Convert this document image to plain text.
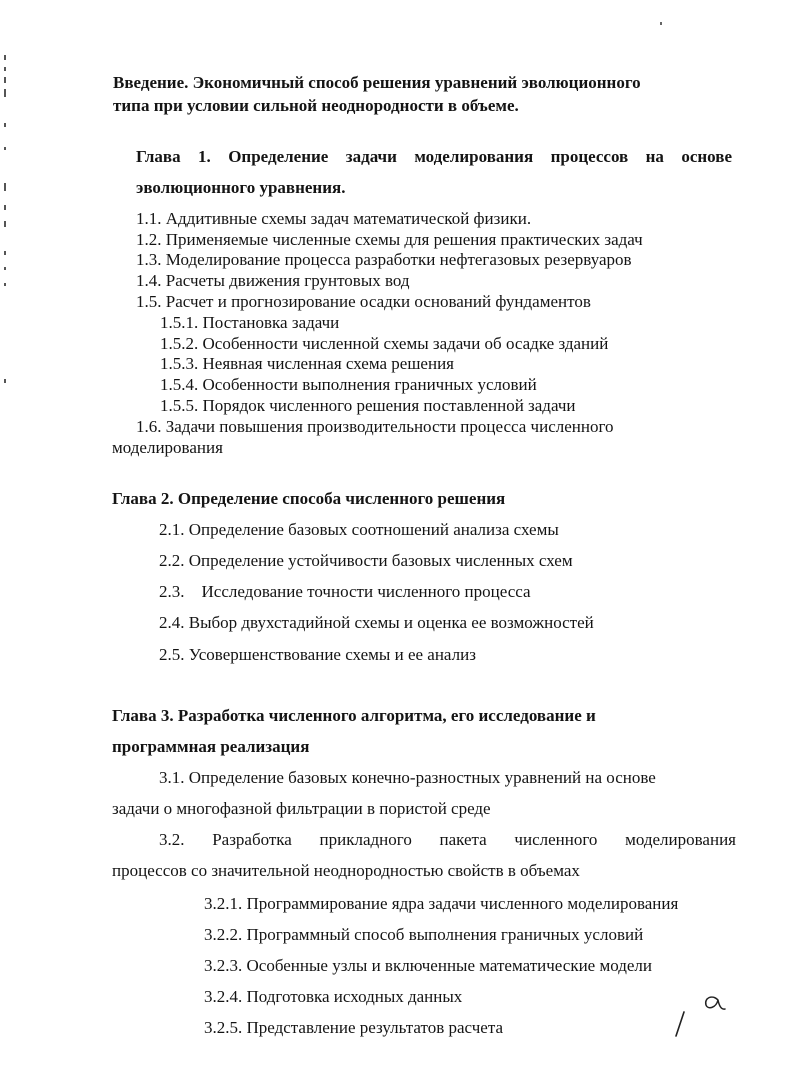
Введение. Экономичный способ решения уравнений эволюционного
типа при условии сильной неоднородности в объеме.
Глава 1. Определение задачи моделирования процессов на основе
эволюционного уравнения.
1.1. Аддитивные схемы задач математической физики.
1.2. Применяемые численные схемы для решения практических задач
1.3. Моделирование процесса разработки нефтегазовых резервуаров
1.4. Расчеты движения грунтовых вод
1.5. Расчет и прогнозирование осадки оснований фундаментов
1.5.1. Постановка задачи
1.5.2. Особенности численной схемы задачи об осадке зданий
1.5.3. Неявная численная схема решения
1.5.4. Особенности выполнения граничных условий
1.5.5. Порядок численного решения поставленной задачи
1.6. Задачи повышения производительности процесса численного
моделирования
Глава 2. Определение способа численного решения
2.1. Определение базовых соотношений анализа схемы
2.2. Определение устойчивости базовых численных схем
2.3.    Исследование точности численного процесса
2.4. Выбор двухстадийной схемы и оценка ее возможностей
2.5. Усовершенствование схемы и ее анализ
Глава 3. Разработка численного алгоритма, его исследование и
программная реализация
3.1. Определение базовых конечно-разностных уравнений на основе
задачи о многофазной фильтрации в пористой среде
3.2. Разработка прикладного пакета численного моделирования
процессов со значительной неоднородностью свойств в объемах
3.2.1. Программирование ядра задачи численного моделирования
3.2.2. Программный способ выполнения граничных условий
3.2.3. Особенные узлы и включенные математические модели
3.2.4. Подготовка исходных данных
3.2.5. Представление результатов расчета
